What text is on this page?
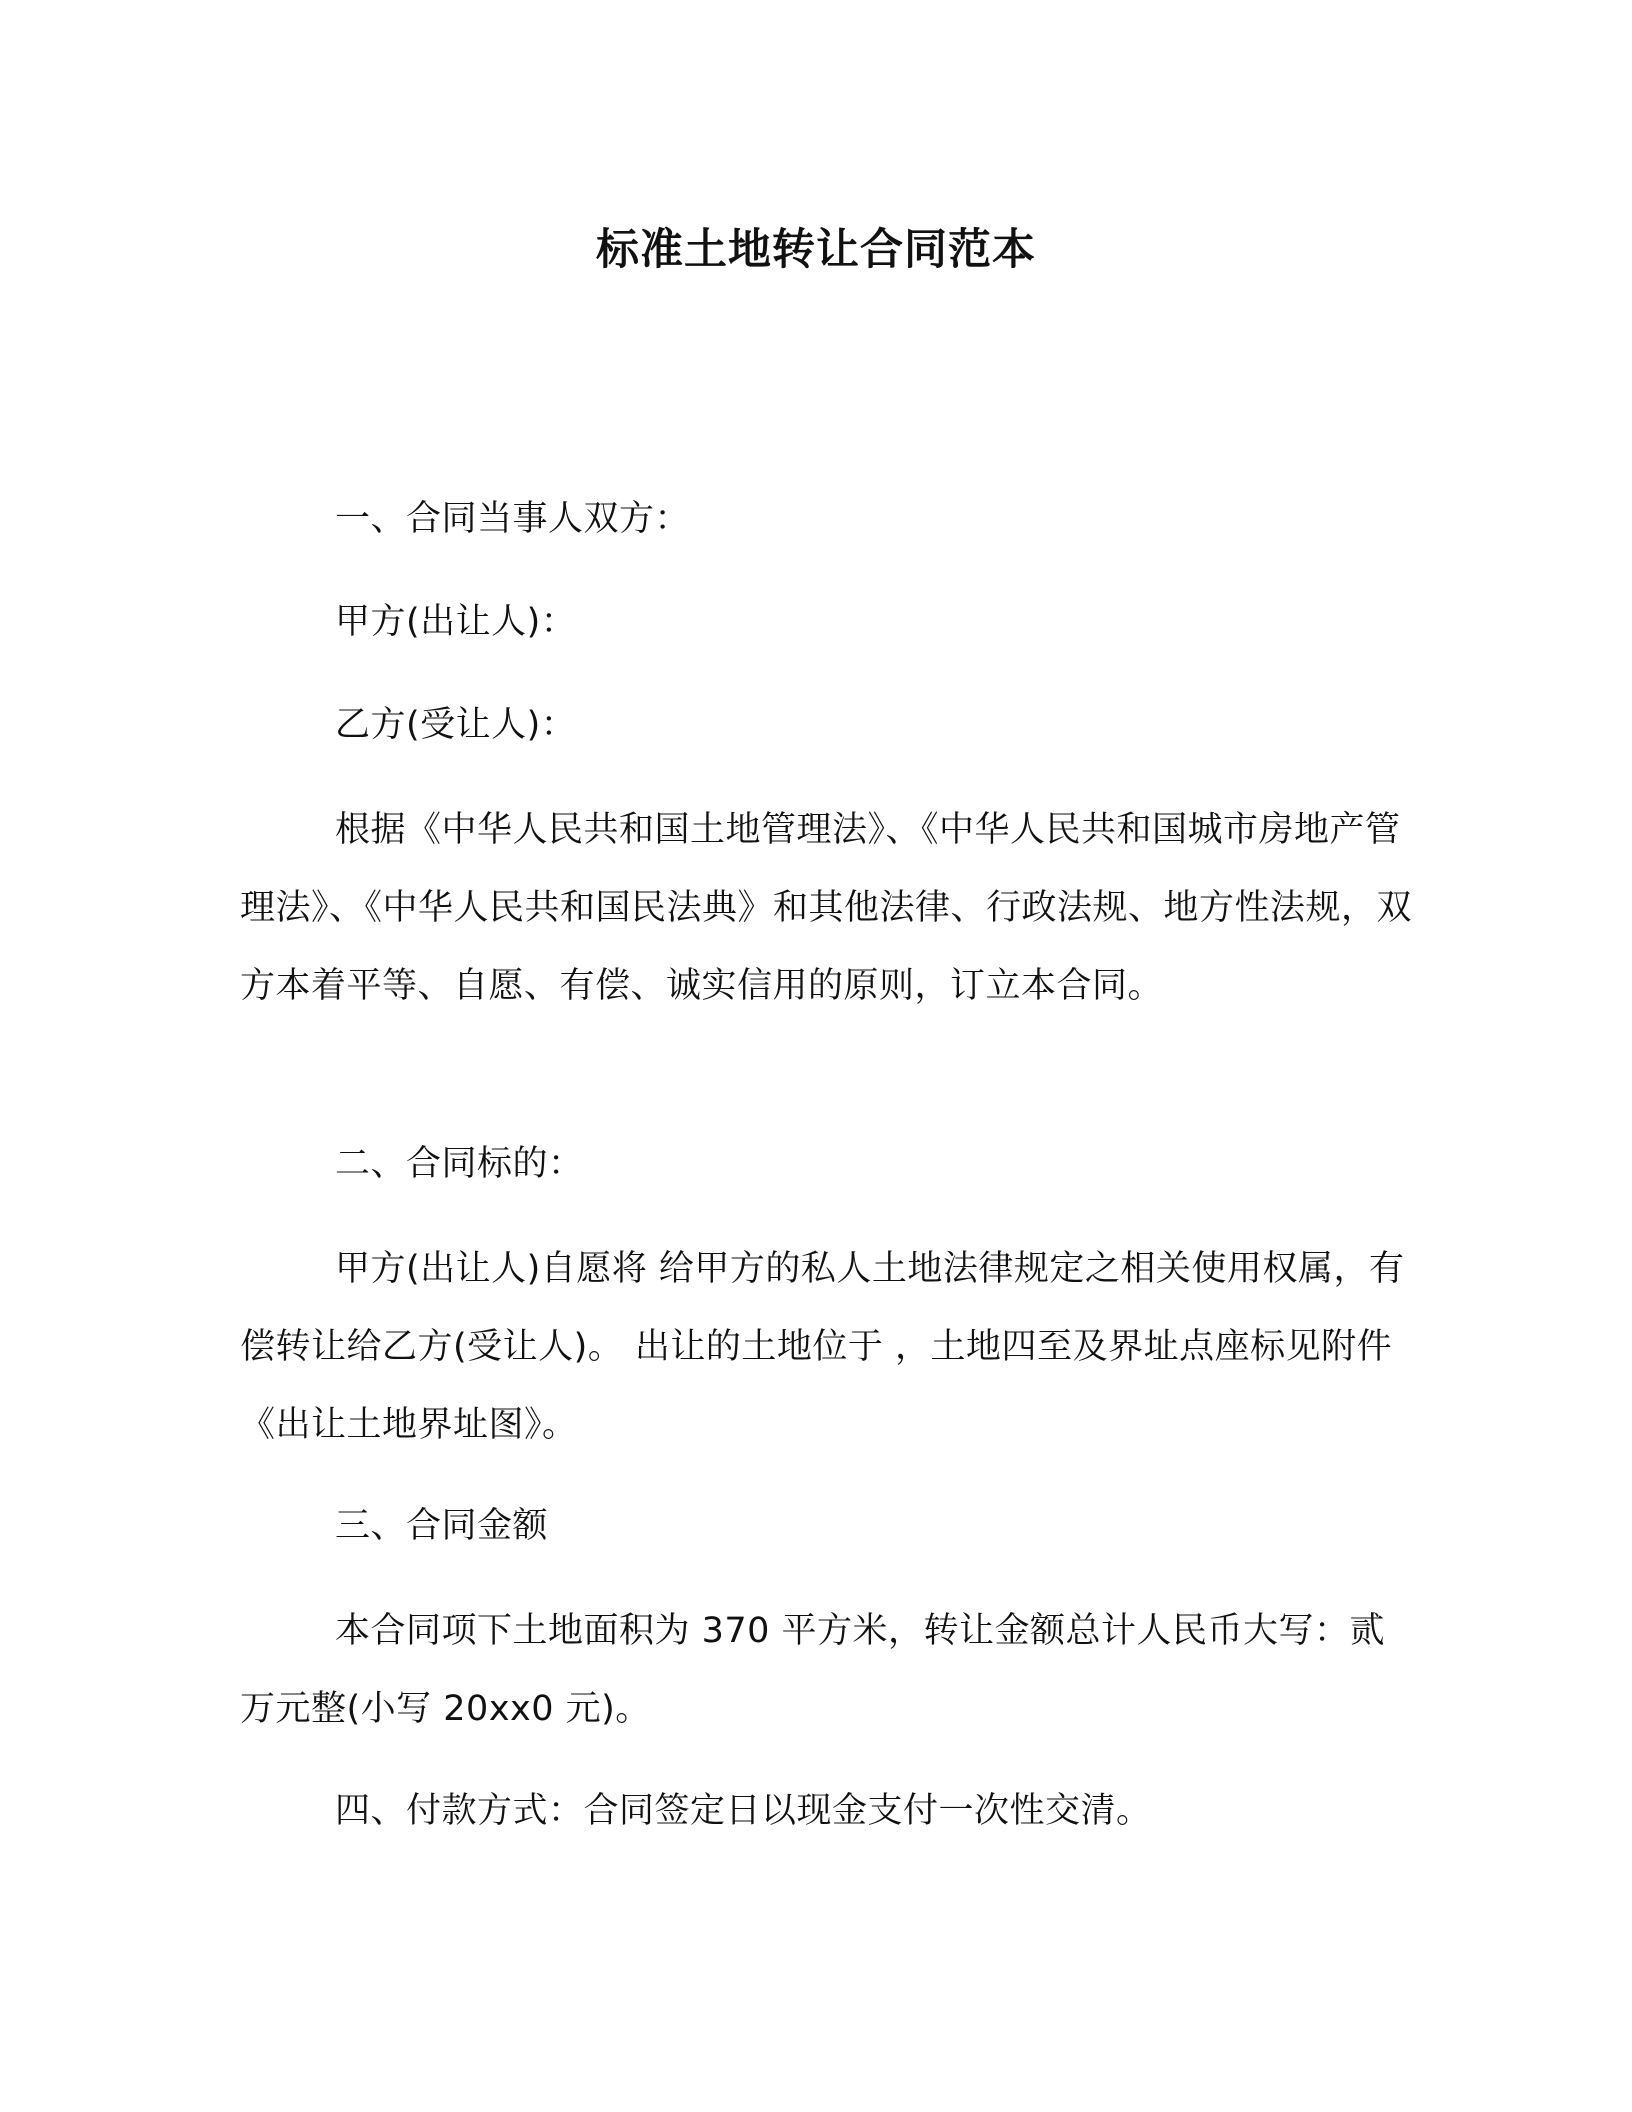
标准土地转让合同范本

一、合同当事人双方：

甲方(出让人)：

乙方(受让人)：

根据《中华人民共和国土地管理法》、《中华人民共和国城市房地产管理法》、《中华人民共和国民法典》和其他法律、行政法规、地方性法规，双方本着平等、自愿、有偿、诚实信用的原则，订立本合同。

二、合同标的：

甲方(出让人)自愿将 给甲方的私人土地法律规定之相关使用权属，有偿转让给乙方(受让人)。 出让的土地位于 ，土地四至及界址点座标见附件《出让土地界址图》。

三、合同金额

本合同项下土地面积为 370 平方米，转让金额总计人民币大写：贰万元整(小写 20xx0 元)。

四、付款方式：合同签定日以现金支付一次性交清。
